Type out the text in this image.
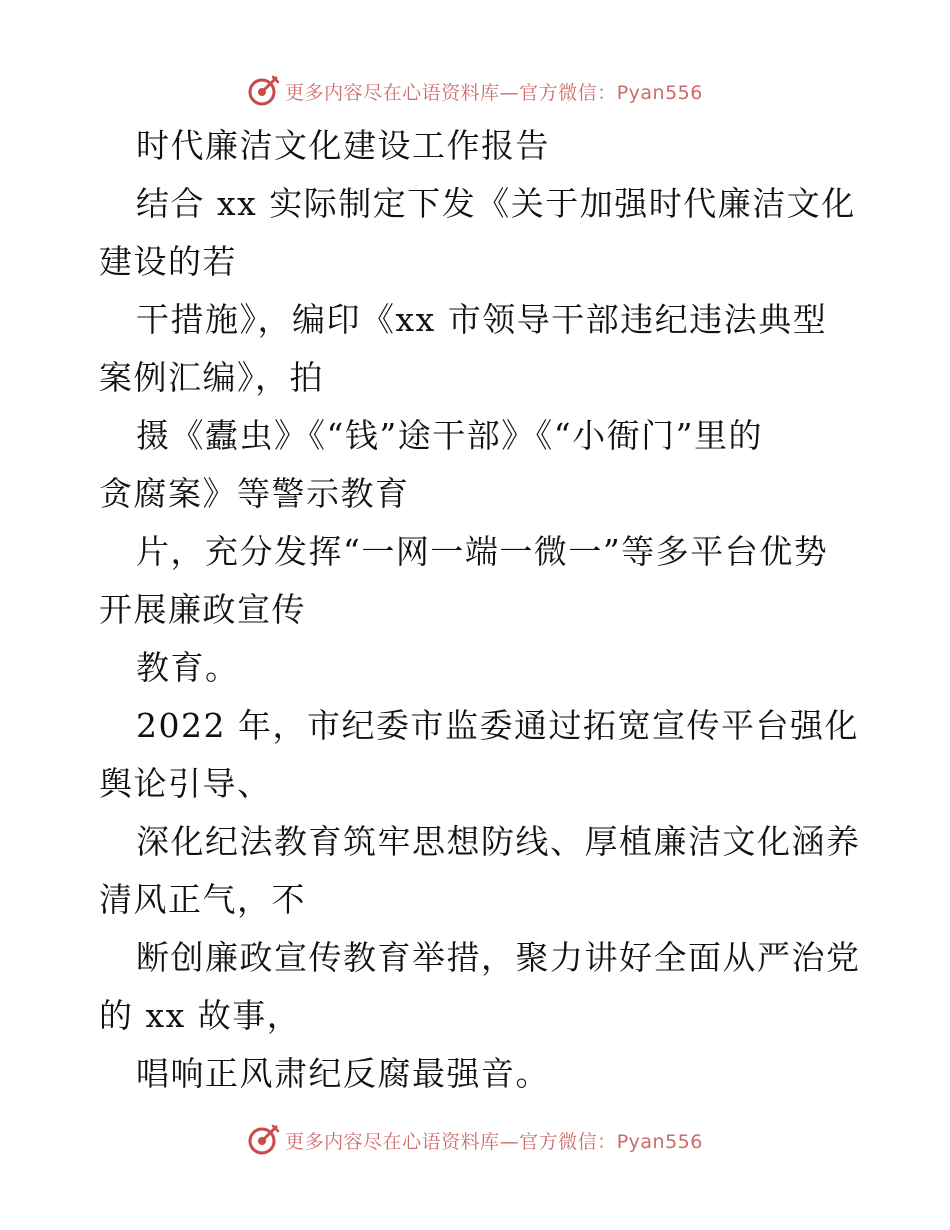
更多内容尽在心语资料库—官方微信：Pyan556
时代廉洁文化建设工作报告
结合 xx 实际制定下发《关于加强时代廉洁文化
建设的若
干措施》，编印《xx 市领导干部违纪违法典型
案例汇编》，拍
摄《蠹虫》《“钱”途干部》《“小衙门”里的
贪腐案》等警示教育
片，充分发挥“一网一端一微一”等多平台优势
开展廉政宣传
教育。
2022 年，市纪委市监委通过拓宽宣传平台强化
舆论引导、
深化纪法教育筑牢思想防线、厚植廉洁文化涵养
清风正气，不
断创廉政宣传教育举措，聚力讲好全面从严治党
的 xx 故事，
唱响正风肃纪反腐最强音。
更多内容尽在心语资料库—官方微信：Pyan556
